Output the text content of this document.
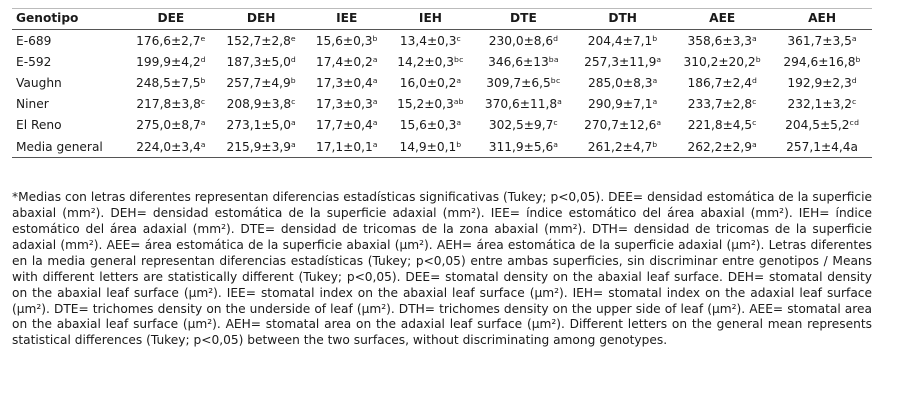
Genotipo	DEE	DEH	IEE	IEH	DTE	DTH	AEE	AEH
E-689	176,6±2,7ᵉ	152,7±2,8ᵉ	15,6±0,3ᵇ	13,4±0,3ᶜ	230,0±8,6ᵈ	204,4±7,1ᵇ	358,6±3,3ᵃ	361,7±3,5ᵃ
E-592	199,9±4,2ᵈ	187,3±5,0ᵈ	17,4±0,2ᵃ	14,2±0,3ᵇᶜ	346,6±13ᵇᵃ	257,3±11,9ᵃ	310,2±20,2ᵇ	294,6±16,8ᵇ
Vaughn	248,5±7,5ᵇ	257,7±4,9ᵇ	17,3±0,4ᵃ	16,0±0,2ᵃ	309,7±6,5ᵇᶜ	285,0±8,3ᵃ	186,7±2,4ᵈ	192,9±2,3ᵈ
Niner	217,8±3,8ᶜ	208,9±3,8ᶜ	17,3±0,3ᵃ	15,2±0,3ᵃᵇ	370,6±11,8ᵃ	290,9±7,1ᵃ	233,7±2,8ᶜ	232,1±3,2ᶜ
El Reno	275,0±8,7ᵃ	273,1±5,0ᵃ	17,7±0,4ᵃ	15,6±0,3ᵃ	302,5±9,7ᶜ	270,7±12,6ᵃ	221,8±4,5ᶜ	204,5±5,2ᶜᵈ
Media general	224,0±3,4ᵃ	215,9±3,9ᵃ	17,1±0,1ᵃ	14,9±0,1ᵇ	311,9±5,6ᵃ	261,2±4,7ᵇ	262,2±2,9ᵃ	257,1±4,4a

*Medias con letras diferentes representan diferencias estadísticas significativas (Tukey; p<0,05). DEE= densidad estomática de la superficie abaxial (mm²). DEH= densidad estomática de la superficie adaxial (mm²). IEE= índice estomático del área abaxial (mm²). IEH= índice estomático del área adaxial (mm²). DTE= densidad de tricomas de la zona abaxial (mm²). DTH= densidad de tricomas de la superficie adaxial (mm²). AEE= área estomática de la superficie abaxial (µm²). AEH= área estomática de la superficie adaxial (µm²). Letras diferentes en la media general representan diferencias estadísticas (Tukey; p<0,05) entre ambas superficies, sin discriminar entre genotipos / Means with different letters are statistically different (Tukey; p<0,05). DEE= stomatal density on the abaxial leaf surface. DEH= stomatal density on the abaxial leaf surface (µm²). IEE= stomatal index on the abaxial leaf surface (µm²). IEH= stomatal index on the adaxial leaf surface (µm²). DTE= trichomes density on the underside of leaf (µm²). DTH= trichomes density on the upper side of leaf (µm²). AEE= stomatal area on the abaxial leaf surface (µm²). AEH= stomatal area on the adaxial leaf surface (µm²). Different letters on the general mean represents statistical differences (Tukey; p<0,05) between the two surfaces, without discriminating among genotypes.
